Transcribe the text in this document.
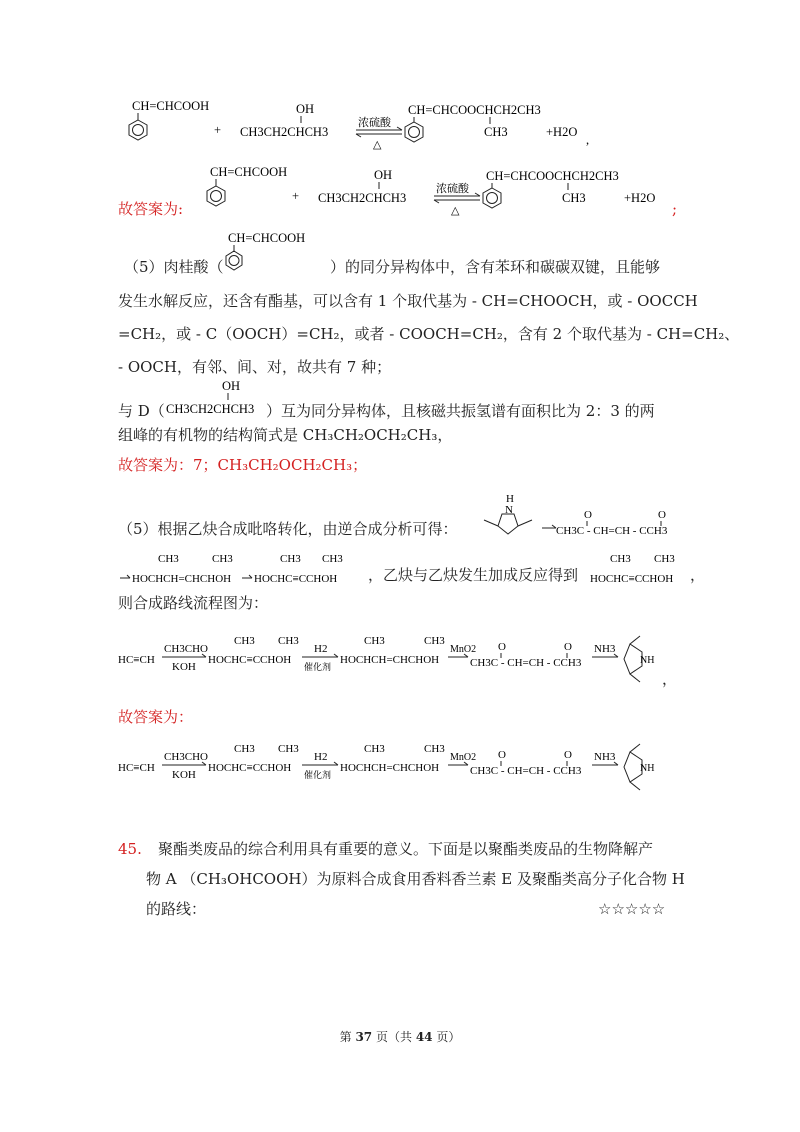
CH=CHCOOH
+
OH
CH3CH2CHCH3
浓硫酸
△
CH=CHCOOCHCH2CH3
CH3	+H2O
,
故答案为:
CH=CHCOOH
+
OH
CH3CH2CHCH3
浓硫酸
△
CH=CHCOOCHCH2CH3
CH3	+H2O
;
（5）肉桂酸（
CH=CHCOOH
）的同分异构体中，含有苯环和碳碳双键，且能够
发生水解反应，还含有酯基，可以含有 1 个取代基为 - CH=CHOOCH，或 - OOCCH
=CH₂，或 - C（OOCH）=CH₂，或者 - COOCH=CH₂，含有 2 个取代基为 - CH=CH₂、
- OOCH，有邻、间、对，故共有 7 种；
与 D（
OH
CH3CH2CHCH3 ）互为同分异构体，且核磁共振氢谱有面积比为 2：3 的两
组峰的有机物的结构简式是 CH₃CH₂OCH₂CH₃，
故答案为：7；CH₃CH₂OCH₂CH₃；
（5）根据乙炔合成吡咯转化，由逆合成分析可得：
H
N	O	O
CH3C - CH=CH - CCH3
CH3	CH3
HOCHCH=CHCHOH
CH3 CH3
HOCHC≡CCHOH ，乙炔与乙炔发生加成反应得到
CH3 CH3
HOCHC≡CCHOH ，
则合成路线流程图为：
HC≡CH
CH3CHO
KOH
CH3 CH3
HOCHC≡CCHOH
H2
催化剂
CH3	CH3
HOCHCH=CHCHOH
MnO2 O	O
CH3C - CH=CH - CCH3
NH3
NH
，
故答案为：
HC≡CH
CH3CHO
KOH
CH3 CH3
HOCHC≡CCHOH
H2
催化剂
CH3	CH3
HOCHCH=CHCHOH
MnO2 O	O
CH3C - CH=CH - CCH3
NH3
NH
45. 聚酯类废品的综合利用具有重要的意义。下面是以聚酯类废品的生物降解产
物 A （CH₃OHCOOH）为原料合成食用香料香兰素 E 及聚酯类高分子化合物 H
的路线：	☆☆☆☆☆
第 37 页（共 44 页）
